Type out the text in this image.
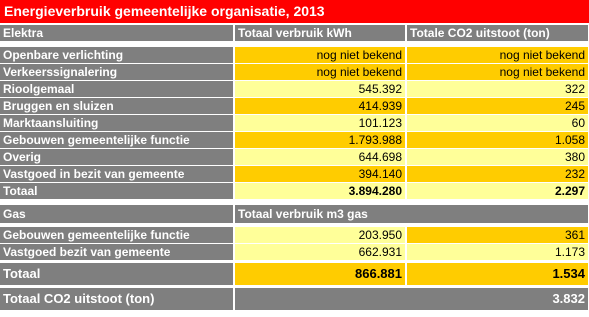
Energieverbruik gemeentelijke organisatie, 2013
Elektra	Totaal verbruik kWh	Totale CO2 uitstoot (ton)
Openbare verlichting	nog niet bekend	nog niet bekend
Verkeerssignalering	nog niet bekend	nog niet bekend
Rioolgemaal	545.392	322
Bruggen en sluizen	414.939	245
Marktaansluiting	101.123	60
Gebouwen gemeentelijke functie	1.793.988	1.058
Overig	644.698	380
Vastgoed in bezit van gemeente	394.140	232
Totaal	3.894.280	2.297
Gas	Totaal verbruik m3 gas
Gebouwen gemeentelijke functie	203.950	361
Vastgoed bezit van gemeente	662.931	1.173
Totaal	866.881	1.534
Totaal CO2 uitstoot (ton)	3.832
